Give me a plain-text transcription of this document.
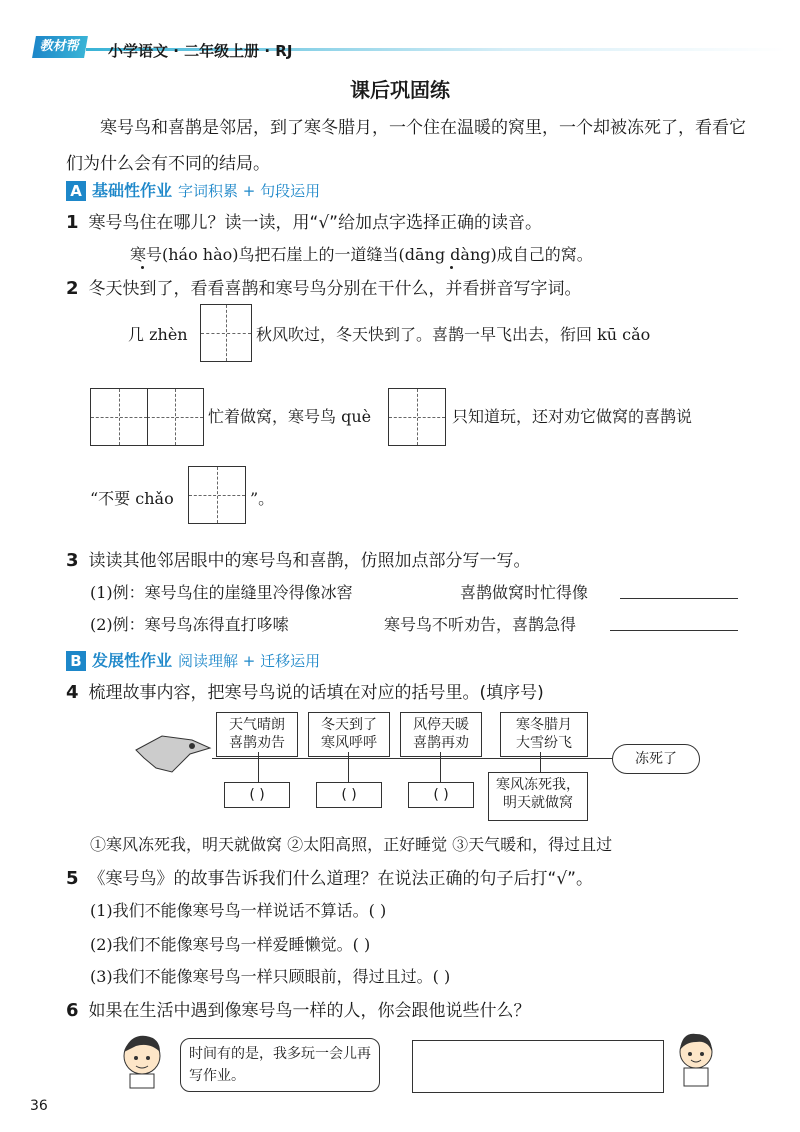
教材帮	小学语文 · 二年级上册 · RJ
课后巩固练
寒号鸟和喜鹊是邻居，到了寒冬腊月，一个住在温暖的窝里，一个却被冻死了，看看它们为什么会有不同的结局。
A 基础性作业 字词积累 + 句段运用
1 寒号鸟住在哪儿？读一读，用“√”给加点字选择正确的读音。
寒号(háo hào)鸟把石崖上的一道缝当(dāng dàng)成自己的窝。
2 冬天快到了，看看喜鹊和寒号鸟分别在干什么，并看拼音写字词。
几 zhèn	秋风吹过，冬天快到了。喜鹊一早飞出去，衔回 kū cǎo
忙着做窝，寒号鸟 què	只知道玩，还对劝它做窝的喜鹊说
“不要 chǎo	”。
3 读读其他邻居眼中的寒号鸟和喜鹊，仿照加点部分写一写。
(1)例：寒号鸟住的崖缝里冷得像冰窖	喜鹊做窝时忙得像
(2)例：寒号鸟冻得直打哆嗦	寒号鸟不听劝告，喜鹊急得
B 发展性作业 阅读理解 + 迁移运用
4 梳理故事内容，把寒号鸟说的话填在对应的括号里。(填序号)
天气晴朗
喜鹊劝告
冬天到了
寒风呼呼
风停天暖
喜鹊再劝
寒冬腊月
大雪纷飞
( )	( )	( )
寒风冻死我，
明天就做窝
冻死了
①寒风冻死我，明天就做窝 ②太阳高照，正好睡觉 ③天气暖和，得过且过
5 《寒号鸟》的故事告诉我们什么道理？在说法正确的句子后打“√”。
(1)我们不能像寒号鸟一样说话不算话。( )
(2)我们不能像寒号鸟一样爱睡懒觉。( )
(3)我们不能像寒号鸟一样只顾眼前，得过且过。( )
6 如果在生活中遇到像寒号鸟一样的人，你会跟他说些什么？
时间有的是，我多玩一会儿再写作业。
36
